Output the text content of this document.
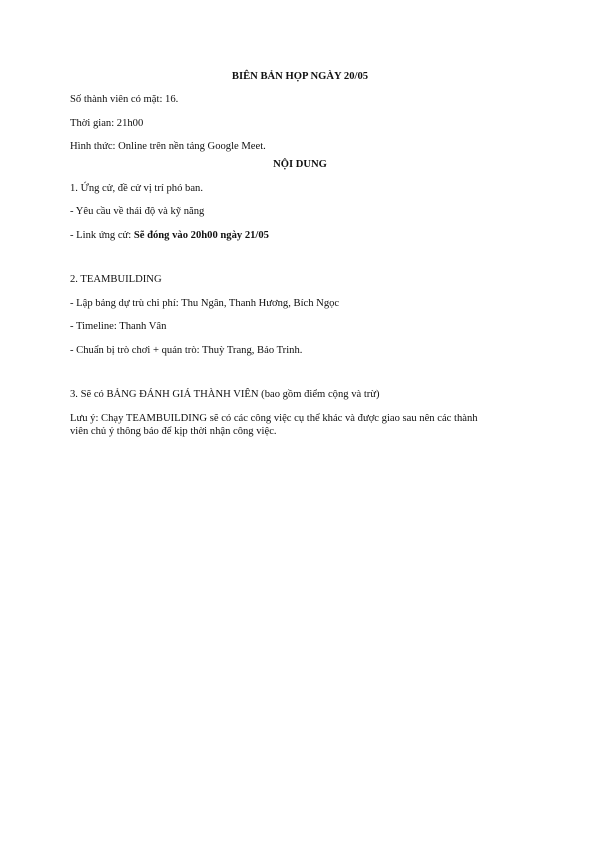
BIÊN BẢN HỌP NGÀY 20/05
Số thành viên có mặt: 16.
Thời gian: 21h00
Hình thức: Online trên nền tảng Google Meet.
NỘI DUNG
1. Ứng cử, đề cử vị trí phó ban.
- Yêu cầu về thái độ và kỹ năng
- Link ứng cử: Sẽ đóng vào 20h00 ngày 21/05
2. TEAMBUILDING
- Lập bảng dự trù chi phí: Thu Ngân, Thanh Hương, Bích Ngọc
- Timeline: Thanh Vân
- Chuẩn bị trò chơi + quản trò: Thuỳ Trang, Bảo Trinh.
3. Sẽ có BẢNG ĐÁNH GIÁ THÀNH VIÊN (bao gồm điểm cộng và trừ)

Lưu ý: Chạy TEAMBUILDING sẽ có các công việc cụ thể khác và được giao sau nên các thành
viên chủ ý thông báo để kịp thời nhận công việc.
